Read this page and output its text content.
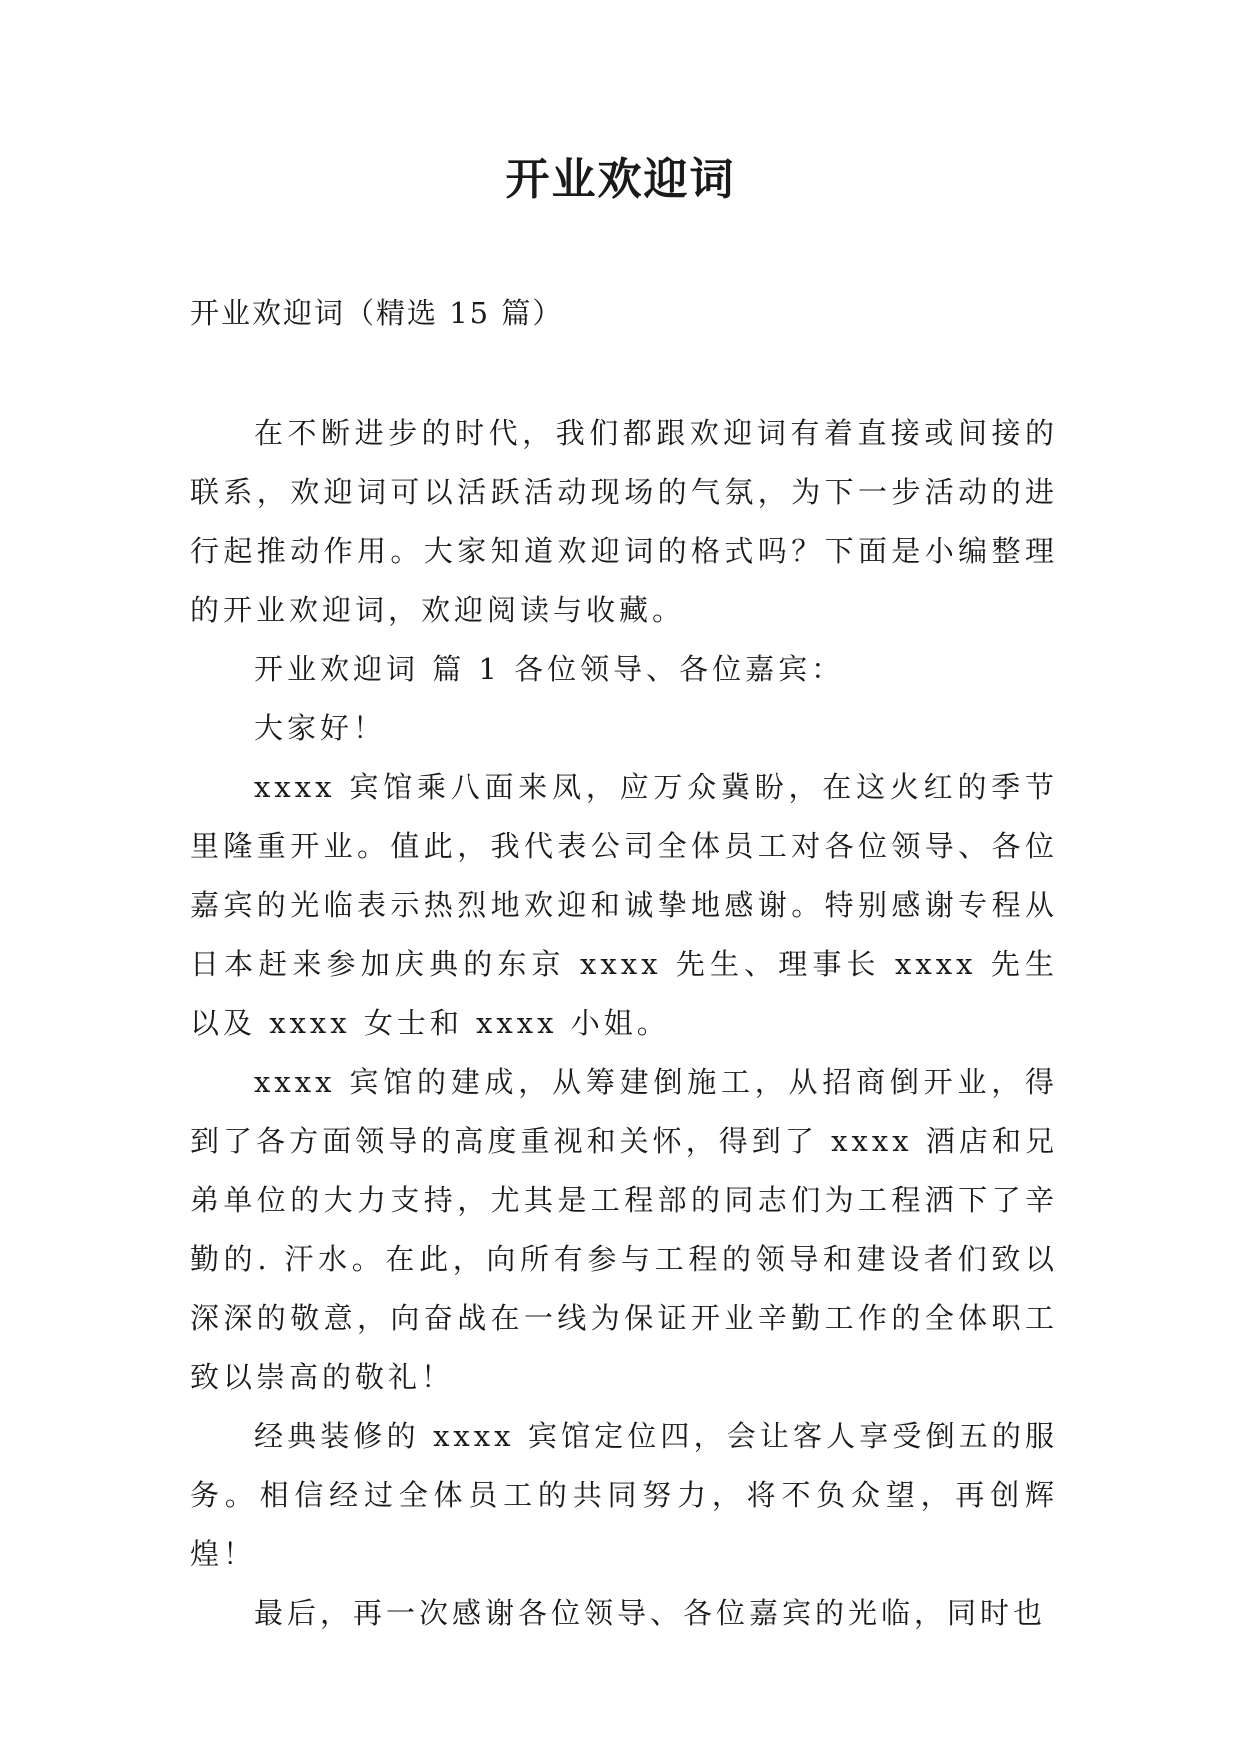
开业欢迎词

开业欢迎词（精选 15 篇）

在不断进步的时代，我们都跟欢迎词有着直接或间接的联系，欢迎词可以活跃活动现场的气氛，为下一步活动的进行起推动作用。大家知道欢迎词的格式吗？下面是小编整理的开业欢迎词，欢迎阅读与收藏。

开业欢迎词 篇 1 各位领导、各位嘉宾：

大家好！

xxxx 宾馆乘八面来凤，应万众冀盼，在这火红的季节里隆重开业。值此，我代表公司全体员工对各位领导、各位嘉宾的光临表示热烈地欢迎和诚挚地感谢。特别感谢专程从日本赶来参加庆典的东京 xxxx 先生、理事长 xxxx 先生以及 xxxx 女士和 xxxx 小姐。

xxxx 宾馆的建成，从筹建倒施工，从招商倒开业，得到了各方面领导的高度重视和关怀，得到了 xxxx 酒店和兄弟单位的大力支持，尤其是工程部的同志们为工程洒下了辛勤的. 汗水。在此，向所有参与工程的领导和建设者们致以深深的敬意，向奋战在一线为保证开业辛勤工作的全体职工致以崇高的敬礼！

经典装修的 xxxx 宾馆定位四，会让客人享受倒五的服务。相信经过全体员工的共同努力，将不负众望，再创辉煌！

最后，再一次感谢各位领导、各位嘉宾的光临，同时也
